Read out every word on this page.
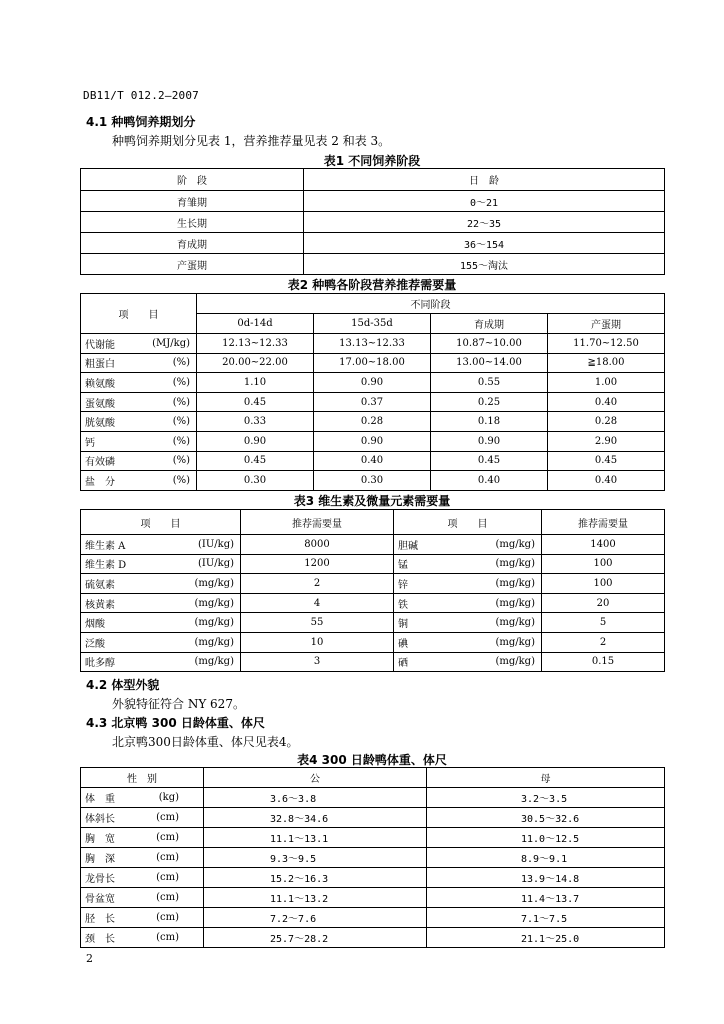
DB11/T 012.2—2007
4.1 种鸭饲养期划分
种鸭饲养期划分见表 1，营养推荐量见表 2 和表 3。
表1 不同饲养阶段
阶　段	日　龄
育雏期	0～21
生长期	22～35
育成期	36～154
产蛋期	155～淘汰
表2 种鸭各阶段营养推荐需要量
项　　目	不同阶段			
	0d-14d	15d-35d	育成期	产蛋期

代谢能 (MJ/kg)	12.13~12.33	13.13~12.33	10.87~10.00	11.70~12.50

粗蛋白 (%)	20.00~22.00	17.00~18.00	13.00~14.00	≧18.00

赖氨酸 (%)	1.10	0.90	0.55	1.00

蛋氨酸 (%)	0.45	0.37	0.25	0.40

胱氨酸 (%)	0.33	0.28	0.18	0.28

钙 (%)	0.90	0.90	0.90	2.90

有效磷 (%)	0.45	0.40	0.45	0.45

盐　分 (%)	0.30	0.30	0.40	0.40
表3 维生素及微量元素需要量
项　　目	推荐需要量	项　　目	推荐需要量

维生素 A (IU/kg)	8000	胆碱 (mg/kg)	1400

维生素 D (IU/kg)	1200	锰 (mg/kg)	100

硫氨素 (mg/kg)	2	锌 (mg/kg)	100

核黄素 (mg/kg)	4	铁 (mg/kg)	20

烟酸 (mg/kg)	55	铜 (mg/kg)	5

泛酸 (mg/kg)	10	碘 (mg/kg)	2

吡多醇 (mg/kg)	3	硒 (mg/kg)	0.15
4.2 体型外貌
外貌特征符合 NY 627。
4.3 北京鸭 300 日龄体重、体尺
北京鸭300日龄体重、体尺见表4。
表4 300 日龄鸭体重、体尺
性　别	公	母

体　重 (kg)	3.6～3.8	3.2～3.5

体斜长 (cm)	32.8～34.6	30.5～32.6

胸　宽 (cm)	11.1～13.1	11.0～12.5

胸　深 (cm)	9.3～9.5	8.9～9.1

龙骨长 (cm)	15.2～16.3	13.9～14.8

骨盆宽 (cm)	11.1～13.2	11.4～13.7

胫　长 (cm)	7.2～7.6	7.1～7.5

颈　长 (cm)	25.7～28.2	21.1～25.0
2
